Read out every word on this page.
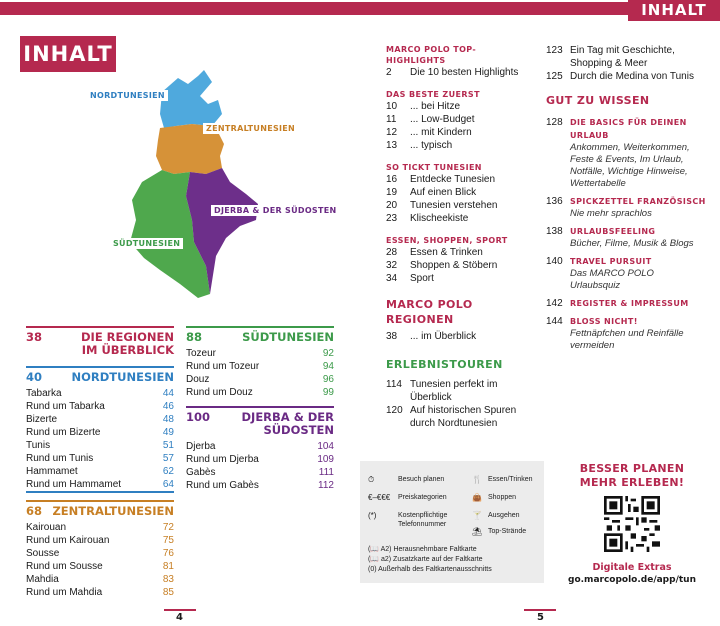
INHALT
INHALT
NORDTUNESIEN
ZENTRALTUNESIEN
DJERBA & DER SÜDOSTEN
SÜDTUNESIEN
38	DIE REGIONEN IM ÜBERBLICK
40	NORDTUNESIEN
Tabarka	44
Rund um Tabarka	46
Bizerte	48
Rund um Bizerte	49
Tunis	51
Rund um Tunis	57
Hammamet	62
Rund um Hammamet	64
68 ZENTRALTUNESIEN
Kairouan	72
Rund um Kairouan	75
Sousse	76
Rund um Sousse	81
Mahdia	83
Rund um Mahdia	85
88	SÜDTUNESIEN
Tozeur	92
Rund um Tozeur	94
Douz	96
Rund um Douz	99
100	DJERBA & DER SÜDOSTEN
Djerba	104
Rund um Djerba	109
Gabès	111
Rund um Gabès	112
4	5
MARCO POLO TOP-HIGHLIGHTS
2	Die 10 besten Highlights
DAS BESTE ZUERST
10	... bei Hitze
11	... Low-Budget
12	... mit Kindern
13	... typisch
SO TICKT TUNESIEN
16	Entdecke Tunesien
19	Auf einen Blick
20	Tunesien verstehen
23	Klischeekiste
ESSEN, SHOPPEN, SPORT
28	Essen & Trinken
32	Shoppen & Stöbern
34	Sport
MARCO POLO REGIONEN
38	... im Überblick
ERLEBNISTOUREN
114 Tunesien perfekt im Überblick
120 Auf historischen Spuren durch Nordtunesien
123 Ein Tag mit Geschichte, Shopping & Meer
125 Durch die Medina von Tunis
GUT ZU WISSEN
128 DIE BASICS FÜR DEINEN URLAUB
Ankommen, Weiterkommen, Feste & Events, Im Urlaub, Notfälle, Wichtige Hinweise, Wettertabelle
136 SPICKZETTEL FRANZÖSISCH
Nie mehr sprachlos
138 URLAUBSFEELING
Bücher, Filme, Musik & Blogs
140 TRAVEL PURSUIT
Das MARCO POLO Urlaubsquiz
142 REGISTER & IMPRESSUM
144 BLOSS NICHT!
Fettnäpfchen und Reinfälle vermeiden
⏱	Besuch planen
€–€€€	Preiskategorien
(*)	Kostenpflichtige Telefonnummer
🍴 Essen/Trinken
👜 Shoppen
🍸 Ausgehen
⛱ Top-Strände
(📖 A2) Herausnehmbare Faltkarte
(📖 a2) Zusatzkarte auf der Faltkarte
(0) Außerhalb des Faltkartenausschnitts
BESSER PLANEN
MEHR ERLEBEN!
Digitale Extras
go.marcopolo.de/app/tun
